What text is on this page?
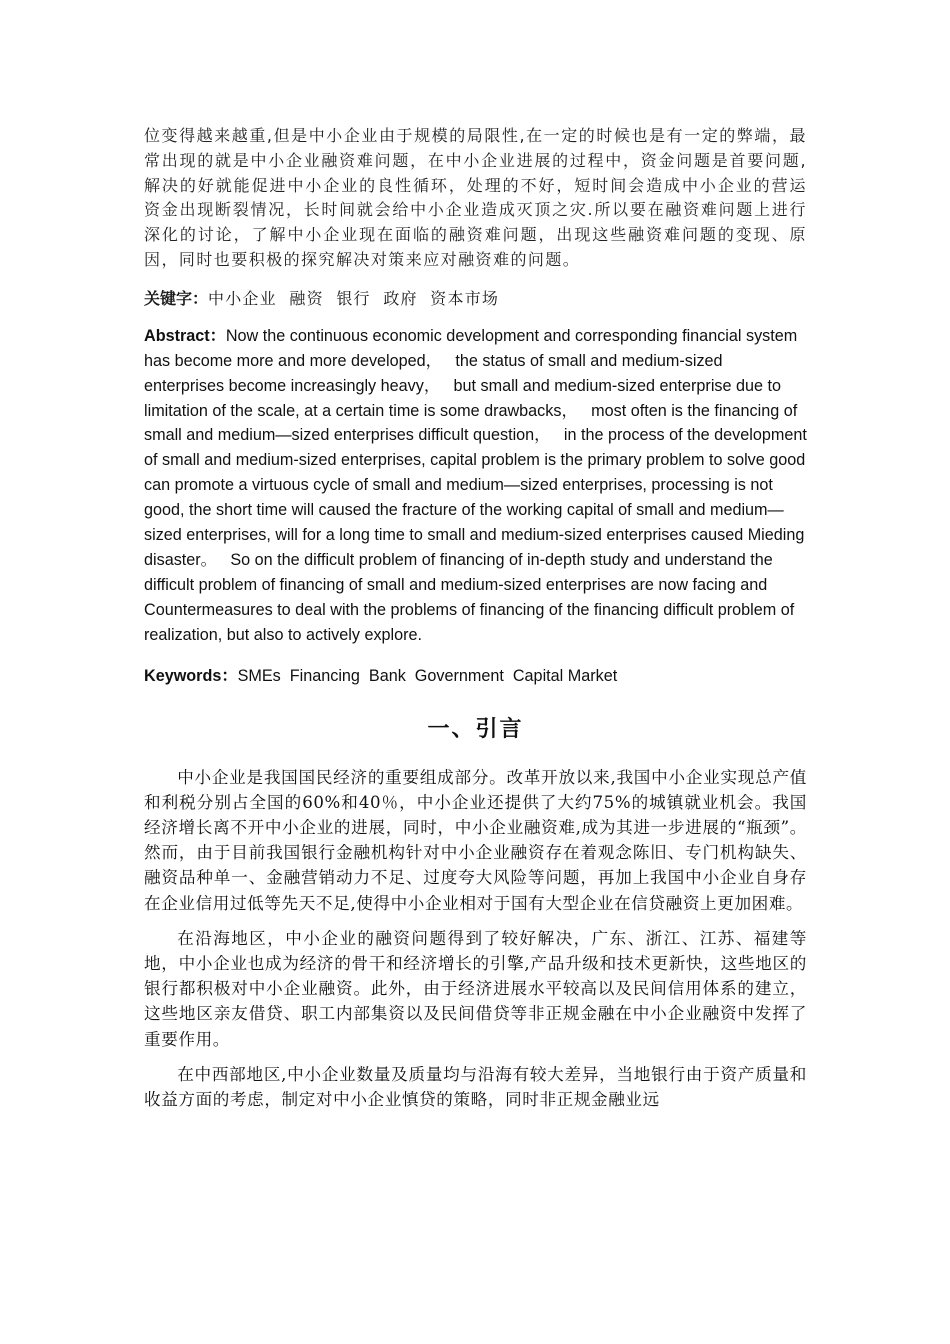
位变得越来越重,但是中小企业由于规模的局限性,在一定的时候也是有一定的弊端，最常出现的就是中小企业融资难问题，在中小企业进展的过程中，资金问题是首要问题,解决的好就能促进中小企业的良性循环，处理的不好，短时间会造成中小企业的营运资金出现断裂情况，长时间就会给中小企业造成灭顶之灾.所以要在融资难问题上进行深化的讨论，了解中小企业现在面临的融资难问题，出现这些融资难问题的变现、原因，同时也要积极的探究解决对策来应对融资难的问题。

关键字：中小企业  融资  银行  政府  资本市场

Abstract：Now the continuous economic development and corresponding financial system has become more and more developed，   the status of small and medium-sized enterprises become increasingly heavy，   but small and medium-sized enterprise due to limitation of the scale, at a certain time is some drawbacks，   most often is the financing of small and medium—sized enterprises difficult question，   in the process of the development of small and medium-sized enterprises, capital problem is the primary problem to solve good can promote a virtuous cycle of small and medium—sized enterprises, processing is not good, the short time will caused the fracture of the working capital of small and medium—sized enterprises, will for a long time to small and medium-sized enterprises caused Mieding disaster。   So on the difficult problem of financing of in-depth study and understand the difficult problem of financing of small and medium-sized enterprises are now facing and Countermeasures to deal with the problems of financing of the financing difficult problem of realization, but also to actively explore.

Keywords：SMEs  Financing  Bank  Government  Capital Market

一、引言

中小企业是我国国民经济的重要组成部分。改革开放以来,我国中小企业实现总产值和利税分别占全国的60%和40％，中小企业还提供了大约75%的城镇就业机会。我国经济增长离不开中小企业的进展，同时，中小企业融资难,成为其进一步进展的“瓶颈”。然而，由于目前我国银行金融机构针对中小企业融资存在着观念陈旧、专门机构缺失、融资品种单一、金融营销动力不足、过度夸大风险等问题，再加上我国中小企业自身存在企业信用过低等先天不足,使得中小企业相对于国有大型企业在信贷融资上更加困难。

在沿海地区，中小企业的融资问题得到了较好解决，广东、浙江、江苏、福建等地，中小企业也成为经济的骨干和经济增长的引擎,产品升级和技术更新快，这些地区的银行都积极对中小企业融资。此外，由于经济进展水平较高以及民间信用体系的建立，这些地区亲友借贷、职工内部集资以及民间借贷等非正规金融在中小企业融资中发挥了重要作用。

在中西部地区,中小企业数量及质量均与沿海有较大差异，当地银行由于资产质量和收益方面的考虑，制定对中小企业慎贷的策略，同时非正规金融业远
